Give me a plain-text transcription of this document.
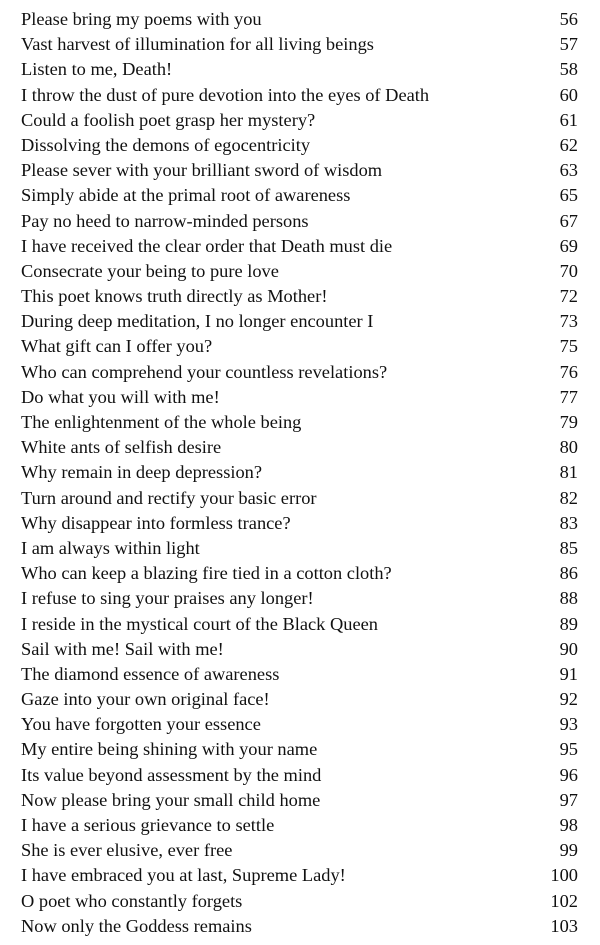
Please bring my poems with you	56
Vast harvest of illumination for all living beings	57
Listen to me, Death!	58
I throw the dust of pure devotion into the eyes of Death	60
Could a foolish poet grasp her mystery?	61
Dissolving the demons of egocentricity	62
Please sever with your brilliant sword of wisdom	63
Simply abide at the primal root of awareness	65
Pay no heed to narrow-minded persons	67
I have received the clear order that Death must die	69
Consecrate your being to pure love	70
This poet knows truth directly as Mother!	72
During deep meditation, I no longer encounter I	73
What gift can I offer you?	75
Who can comprehend your countless revelations?	76
Do what you will with me!	77
The enlightenment of the whole being	79
White ants of selfish desire	80
Why remain in deep depression?	81
Turn around and rectify your basic error	82
Why disappear into formless trance?	83
I am always within light	85
Who can keep a blazing fire tied in a cotton cloth?	86
I refuse to sing your praises any longer!	88
I reside in the mystical court of the Black Queen	89
Sail with me! Sail with me!	90
The diamond essence of awareness	91
Gaze into your own original face!	92
You have forgotten your essence	93
My entire being shining with your name	95
Its value beyond assessment by the mind	96
Now please bring your small child home	97
I have a serious grievance to settle	98
She is ever elusive, ever free	99
I have embraced you at last, Supreme Lady!	100
O poet who constantly forgets	102
Now only the Goddess remains	103
